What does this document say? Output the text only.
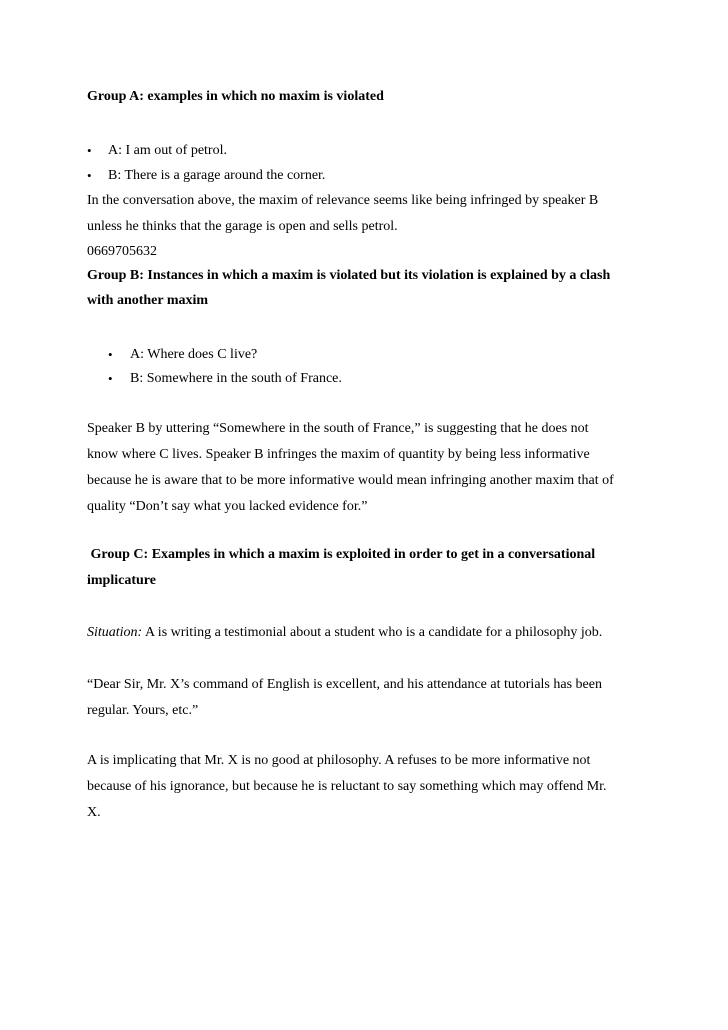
Group A: examples in which no maxim is violated
• A: I am out of petrol.
• B: There is a garage around the corner.
In the conversation above, the maxim of relevance seems like being infringed by speaker B
unless he thinks that the garage is open and sells petrol.
0669705632
Group B: Instances in which a maxim is violated but its violation is explained by a clash
with another maxim
• A: Where does C live?
• B: Somewhere in the south of France.
Speaker B by uttering “Somewhere in the south of France,” is suggesting that he does not
know where C lives. Speaker B infringes the maxim of quantity by being less informative
because he is aware that to be more informative would mean infringing another maxim that of
quality “Don’t say what you lacked evidence for.”
Group C: Examples in which a maxim is exploited in order to get in a conversational
implicature
Situation: A is writing a testimonial about a student who is a candidate for a philosophy job.
“Dear Sir, Mr. X’s command of English is excellent, and his attendance at tutorials has been
regular. Yours, etc.”
A is implicating that Mr. X is no good at philosophy. A refuses to be more informative not
because of his ignorance, but because he is reluctant to say something which may offend Mr.
X.
